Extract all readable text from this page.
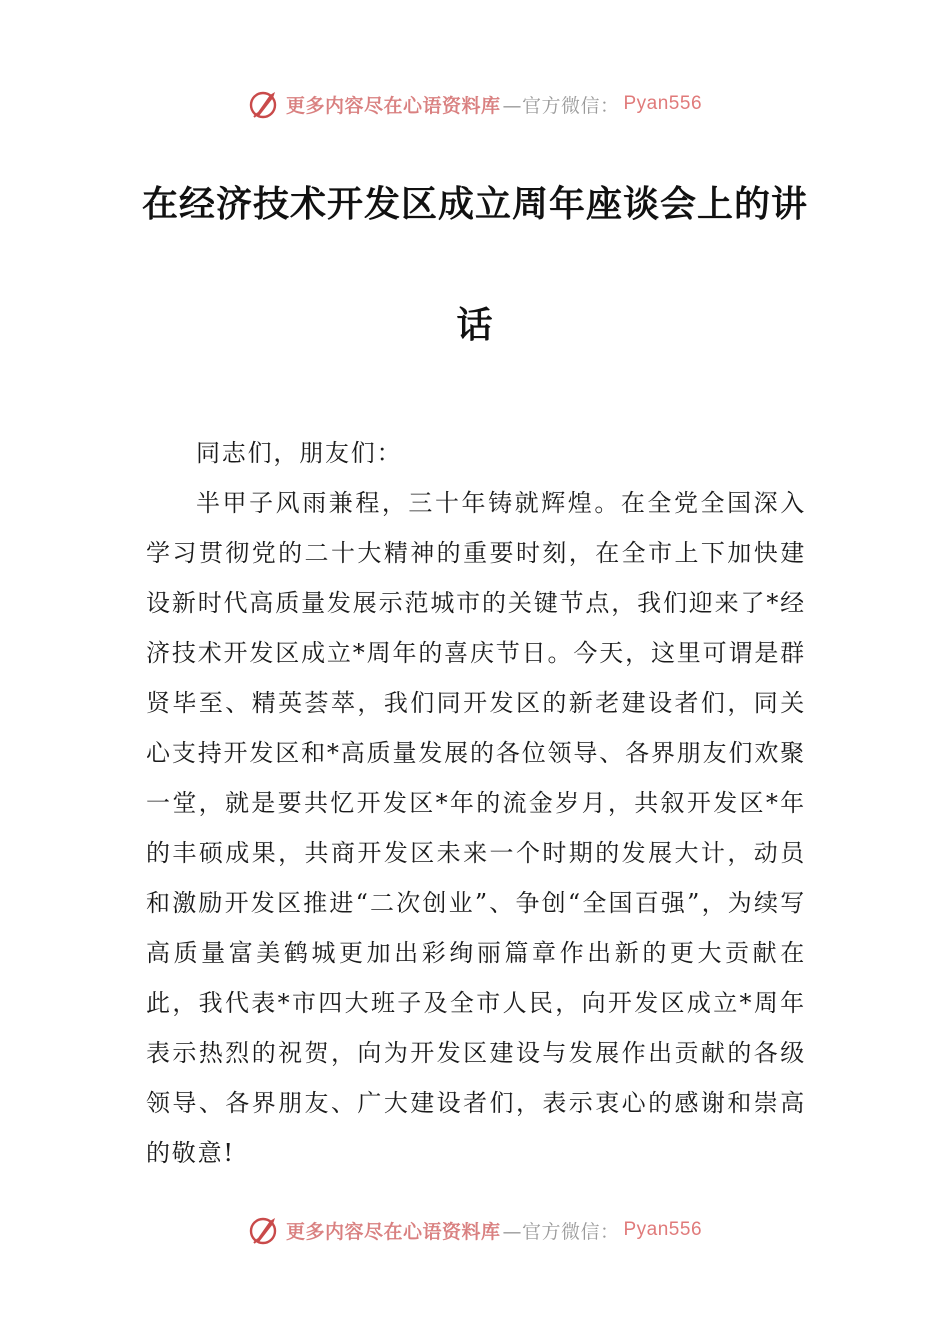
更多内容尽在心语资料库 —官方微信： Pyan556
在经济技术开发区成立周年座谈会上的讲
话

同志们，朋友们：

半甲子风雨兼程，三十年铸就辉煌。在全党全国深入学习贯彻党的二十大精神的重要时刻，在全市上下加快建设新时代高质量发展示范城市的关键节点，我们迎来了*经济技术开发区成立*周年的喜庆节日。今天，这里可谓是群贤毕至、精英荟萃，我们同开发区的新老建设者们，同关心支持开发区和*高质量发展的各位领导、各界朋友们欢聚一堂，就是要共忆开发区*年的流金岁月，共叙开发区*年的丰硕成果，共商开发区未来一个时期的发展大计，动员和激励开发区推进“二次创业”、争创“全国百强”，为续写高质量富美鹤城更加出彩绚丽篇章作出新的更大贡献在此，我代表*市四大班子及全市人民，向开发区成立*周年表示热烈的祝贺，向为开发区建设与发展作出贡献的各级领导、各界朋友、广大建设者们，表示衷心的感谢和崇高的敬意!

更多内容尽在心语资料库 —官方微信： Pyan556
